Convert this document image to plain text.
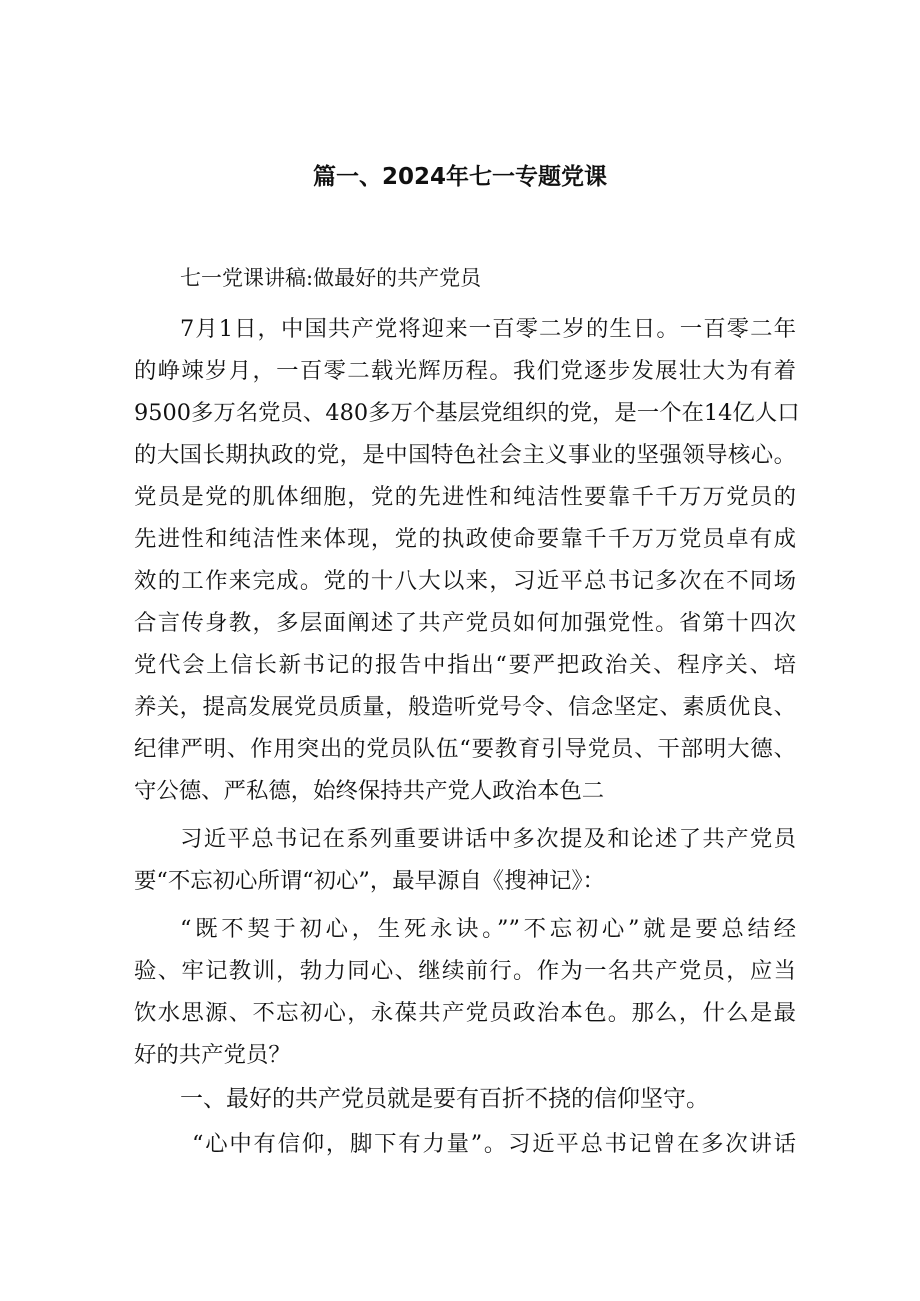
篇一、2024年七一专题党课
七一党课讲稿:做最好的共产党员
7月1日，中国共产党将迎来一百零二岁的生日。一百零二年
的峥竦岁月，一百零二载光辉历程。我们党逐步发展壮大为有着
9500多万名党员、480多万个基层党组织的党，是一个在14亿人口
的大国长期执政的党，是中国特色社会主义事业的坚强领导核心。
党员是党的肌体细胞，党的先进性和纯洁性要靠千千万万党员的
先进性和纯洁性来体现，党的执政使命要靠千千万万党员卓有成
效的工作来完成。党的十八大以来，习近平总书记多次在不同场
合言传身教，多层面阐述了共产党员如何加强党性。省第十四次
党代会上信长新书记的报告中指出“要严把政治关、程序关、培
养关，提高发展党员质量，般造听党号令、信念坚定、素质优良、
纪律严明、作用突出的党员队伍“要教育引导党员、干部明大德、
守公德、严私德，始终保持共产党人政治本色二
习近平总书记在系列重要讲话中多次提及和论述了共产党员
要“不忘初心所谓“初心”，最早源自《搜神记》：
“既不契于初心，生死永诀。””不忘初心”就是要总结经
验、牢记教训，勃力同心、继续前行。作为一名共产党员，应当
饮水思源、不忘初心，永葆共产党员政治本色。那么，什么是最
好的共产党员？
一、最好的共产党员就是要有百折不挠的信仰坚守。
“心中有信仰，脚下有力量”。习近平总书记曾在多次讲话
